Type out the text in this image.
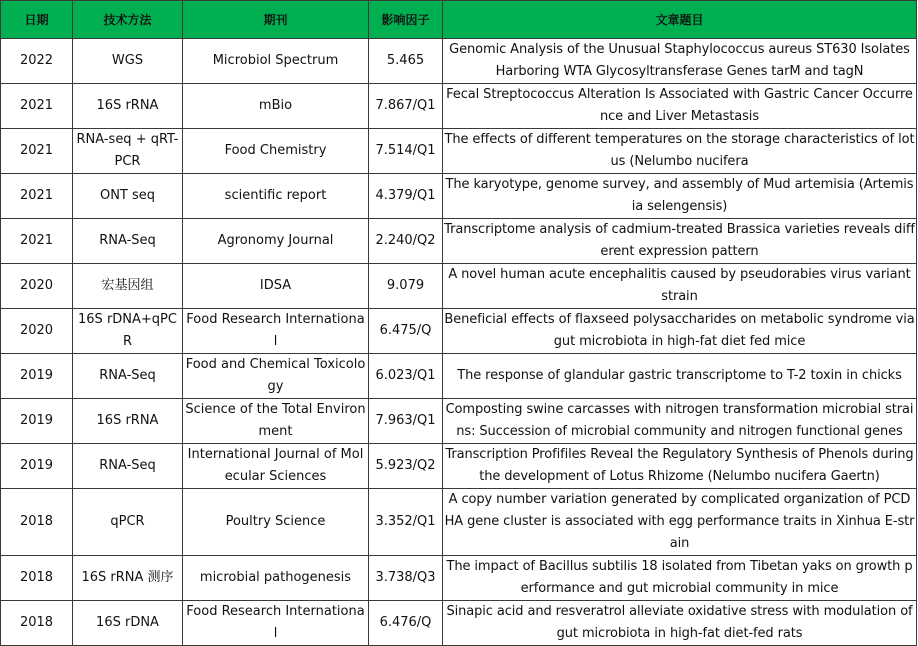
日期	技术方法	期刊	影响因子	文章题目
2022	WGS	Microbiol Spectrum	5.465	Genomic Analysis of the Unusual Staphylococcus aureus ST630 Isolates Harboring WTA Glycosyltransferase Genes tarM and tagN
2021	16S rRNA	mBio	7.867/Q1	Fecal Streptococcus Alteration Is Associated with Gastric Cancer Occurrence and Liver Metastasis
2021	RNA-seq + qRT-PCR	Food Chemistry	7.514/Q1	The effects of different temperatures on the storage characteristics of lotus (Nelumbo nucifera
2021	ONT seq	scientific report	4.379/Q1	The karyotype, genome survey, and assembly of Mud artemisia (Artemisia selengensis)
2021	RNA-Seq	Agronomy Journal	2.240/Q2	Transcriptome analysis of cadmium-treated Brassica varieties reveals different expression pattern
2020	宏基因组	IDSA	9.079	A novel human acute encephalitis caused by pseudorabies virus variant strain
2020	16S rDNA+qPCR	Food Research International	6.475/Q	Beneficial effects of flaxseed polysaccharides on metabolic syndrome via gut microbiota in high-fat diet fed mice
2019	RNA-Seq	Food and Chemical Toxicology	6.023/Q1	The response of glandular gastric transcriptome to T-2 toxin in chicks
2019	16S rRNA	Science of the Total Environment	7.963/Q1	Composting swine carcasses with nitrogen transformation microbial strains: Succession of microbial community and nitrogen functional genes
2019	RNA-Seq	International Journal of Molecular Sciences	5.923/Q2	Transcription Profifiles Reveal the Regulatory Synthesis of Phenols during the development of Lotus Rhizome (Nelumbo nucifera Gaertn)
2018	qPCR	Poultry Science	3.352/Q1	A copy number variation generated by complicated organization of PCDHA gene cluster is associated with egg performance traits in Xinhua E-strain
2018	16S rRNA 测序	microbial pathogenesis	3.738/Q3	The impact of Bacillus subtilis 18 isolated from Tibetan yaks on growth performance and gut microbial community in mice
2018	16S rDNA	Food Research International	6.476/Q	Sinapic acid and resveratrol alleviate oxidative stress with modulation of gut microbiota in high-fat diet-fed rats
